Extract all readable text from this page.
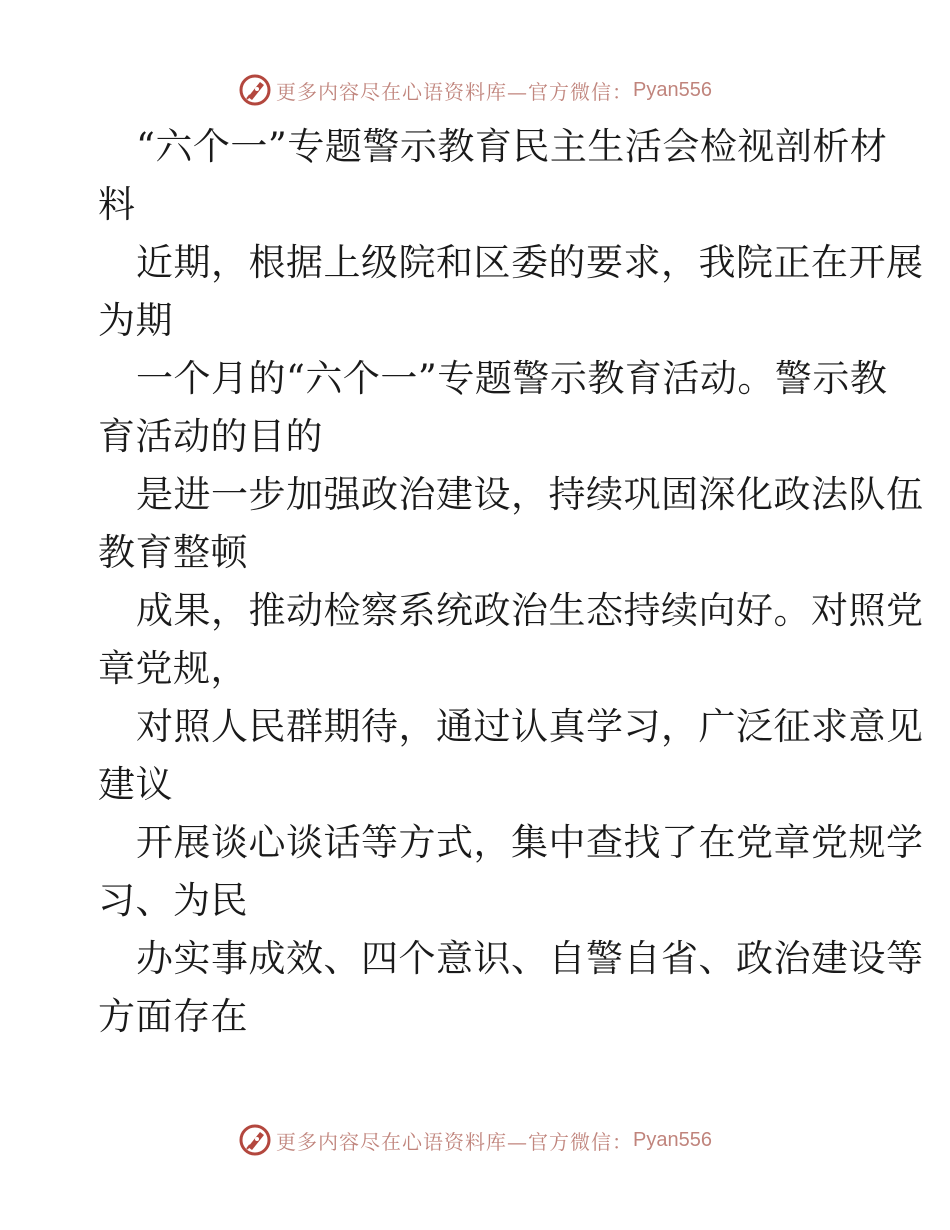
更多内容尽在心语资料库—官方微信： Pyan556
“六个一”专题警示教育民主生活会检视剖析材
料
近期，根据上级院和区委的要求，我院正在开展
为期
一个月的“六个一”专题警示教育活动。警示教
育活动的目的
是进一步加强政治建设，持续巩固深化政法队伍
教育整顿
成果，推动检察系统政治生态持续向好。对照党
章党规，
对照人民群期待，通过认真学习，广泛征求意见
建议
开展谈心谈话等方式，集中查找了在党章党规学
习、为民
办实事成效、四个意识、自警自省、政治建设等
方面存在
更多内容尽在心语资料库—官方微信： Pyan556
